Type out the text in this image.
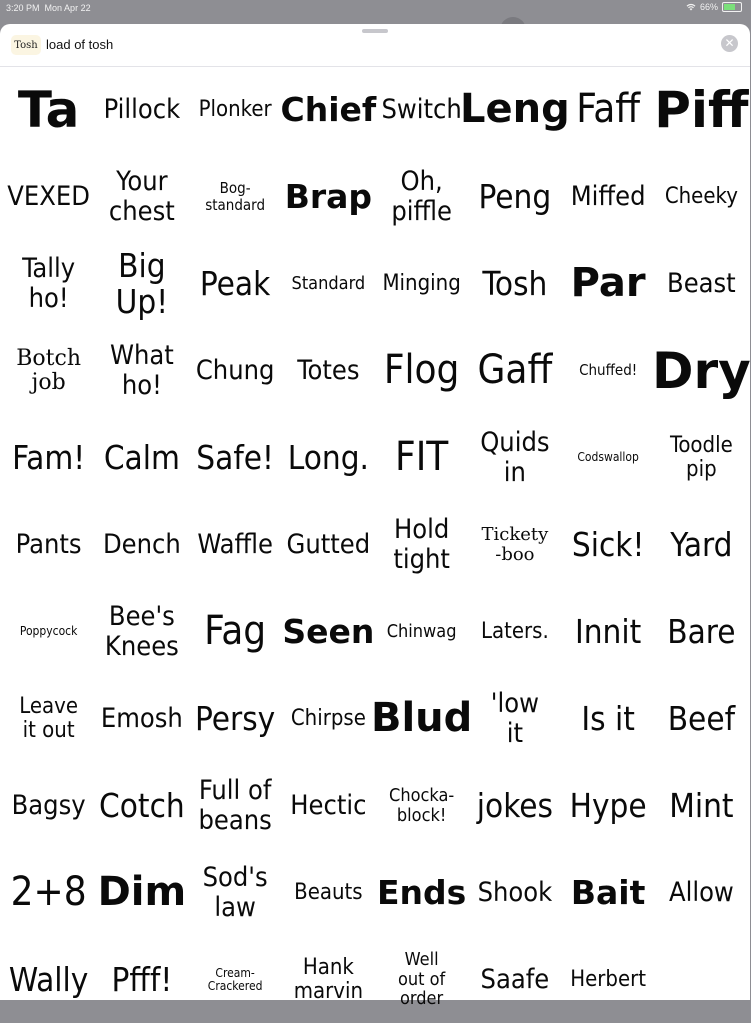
3:20 PM Mon Apr 22	66%
Tosh load of tosh	✕
Ta Pillock Plonker Chief Switch
Leng Faff Piff
VEXED Your
chest
Bog-
standard Brap	Oh,
piffle Peng Miffed Cheeky
Tally
ho!
Big
Up! Peak Standard Minging Tosh Par Beast
Botch
job
What
ho!	Chung Totes Flog Gaff Chuffed! Dry
Fam! Calm Safe! Long. FIT Quids
in	Codswallop Toodle
pip
Pants Dench Waffle Gutted Hold
tight
Tickety
-boo	Sick! Yard
Poppycock Bee's
Knees Fag Seen Chinwag Laters. Innit Bare
Leave
it out Emosh Persy Chirpse Blud 'low
it	Is it Beef
Bagsy Cotch Full of
beans Hectic Chocka-
block! jokes Hype Mint
2+8 Dim Sod's
law	Beauts Ends Shook Bait Allow
Wally Pfff!	Cream-
Crackered
Hank
marvin
Well
out of
order
Saafe Herbert
